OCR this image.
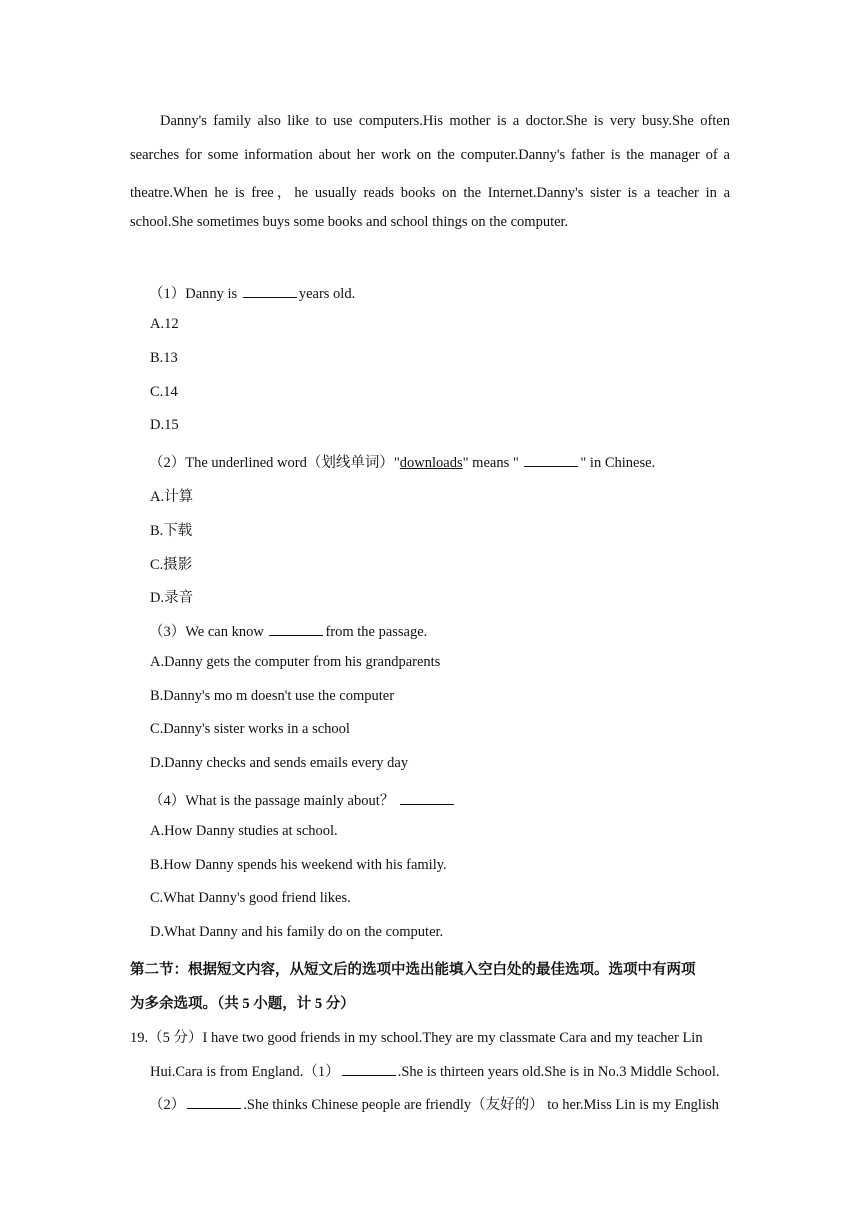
Danny's family also like to use computers.His mother is a doctor.She is very busy.She often
searches for some information about her work on the computer.Danny's father is the manager of a
theatre.When he is free，he usually reads books on the Internet.Danny's sister is a teacher in a
school.She sometimes buys some books and school things on the computer.
（1）Danny is	years old.
A.12
B.13
C.14
D.15
（2）The underlined word（划线单词）"downloads" means "	" in Chinese.
A.计算
B.下载
C.摄影
D.录音
（3）We can know	from the passage.
A.Danny gets the computer from his grandparents
B.Danny's mo m doesn't use the computer
C.Danny's sister works in a school
D.Danny checks and sends emails every day
（4）What is the passage mainly about？
A.How Danny studies at school.
B.How Danny spends his weekend with his family.
C.What Danny's good friend likes.
D.What Danny and his family do on the computer.
第二节：根据短文内容，从短文后的选项中选出能填入空白处的最佳选项。选项中有两项
为多余选项。（共 5 小题，计 5 分）
19.（5 分）I have two good friends in my school.They are my classmate Cara and my teacher Lin
Hui.Cara is from England.（1）	.She is thirteen years old.She is in No.3 Middle School.
（2）	.She thinks Chinese people are friendly（友好的） to her.Miss Lin is my English
